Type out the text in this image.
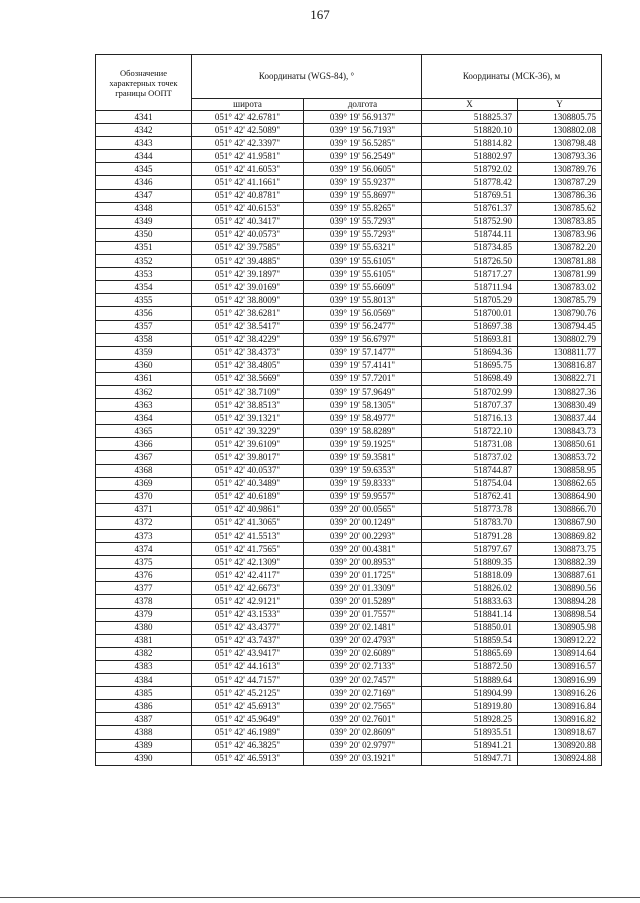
167
Обозначение характерных точек границы ООПТ	Координаты (WGS-84), °		Координаты (МСК-36), м	
	широта	долгота	X	Y
4341	051° 42' 42.6781"	039° 19' 56.9137"	518825.37	1308805.75
4342	051° 42' 42.5089"	039° 19' 56.7193"	518820.10	1308802.08
4343	051° 42' 42.3397"	039° 19' 56.5285"	518814.82	1308798.48
4344	051° 42' 41.9581"	039° 19' 56.2549"	518802.97	1308793.36
4345	051° 42' 41.6053"	039° 19' 56.0605"	518792.02	1308789.76
4346	051° 42' 41.1661"	039° 19' 55.9237"	518778.42	1308787.29
4347	051° 42' 40.8781"	039° 19' 55.8697"	518769.51	1308786.36
4348	051° 42' 40.6153"	039° 19' 55.8265"	518761.37	1308785.62
4349	051° 42' 40.3417"	039° 19' 55.7293"	518752.90	1308783.85
4350	051° 42' 40.0573"	039° 19' 55.7293"	518744.11	1308783.96
4351	051° 42' 39.7585"	039° 19' 55.6321"	518734.85	1308782.20
4352	051° 42' 39.4885"	039° 19' 55.6105"	518726.50	1308781.88
4353	051° 42' 39.1897"	039° 19' 55.6105"	518717.27	1308781.99
4354	051° 42' 39.0169"	039° 19' 55.6609"	518711.94	1308783.02
4355	051° 42' 38.8009"	039° 19' 55.8013"	518705.29	1308785.79
4356	051° 42' 38.6281"	039° 19' 56.0569"	518700.01	1308790.76
4357	051° 42' 38.5417"	039° 19' 56.2477"	518697.38	1308794.45
4358	051° 42' 38.4229"	039° 19' 56.6797"	518693.81	1308802.79
4359	051° 42' 38.4373"	039° 19' 57.1477"	518694.36	1308811.77
4360	051° 42' 38.4805"	039° 19' 57.4141"	518695.75	1308816.87
4361	051° 42' 38.5669"	039° 19' 57.7201"	518698.49	1308822.71
4362	051° 42' 38.7109"	039° 19' 57.9649"	518702.99	1308827.36
4363	051° 42' 38.8513"	039° 19' 58.1305"	518707.37	1308830.49
4364	051° 42' 39.1321"	039° 19' 58.4977"	518716.13	1308837.44
4365	051° 42' 39.3229"	039° 19' 58.8289"	518722.10	1308843.73
4366	051° 42' 39.6109"	039° 19' 59.1925"	518731.08	1308850.61
4367	051° 42' 39.8017"	039° 19' 59.3581"	518737.02	1308853.72
4368	051° 42' 40.0537"	039° 19' 59.6353"	518744.87	1308858.95
4369	051° 42' 40.3489"	039° 19' 59.8333"	518754.04	1308862.65
4370	051° 42' 40.6189"	039° 19' 59.9557"	518762.41	1308864.90
4371	051° 42' 40.9861"	039° 20' 00.0565"	518773.78	1308866.70
4372	051° 42' 41.3065"	039° 20' 00.1249"	518783.70	1308867.90
4373	051° 42' 41.5513"	039° 20' 00.2293"	518791.28	1308869.82
4374	051° 42' 41.7565"	039° 20' 00.4381"	518797.67	1308873.75
4375	051° 42' 42.1309"	039° 20' 00.8953"	518809.35	1308882.39
4376	051° 42' 42.4117"	039° 20' 01.1725"	518818.09	1308887.61
4377	051° 42' 42.6673"	039° 20' 01.3309"	518826.02	1308890.56
4378	051° 42' 42.9121"	039° 20' 01.5289"	518833.63	1308894.28
4379	051° 42' 43.1533"	039° 20' 01.7557"	518841.14	1308898.54
4380	051° 42' 43.4377"	039° 20' 02.1481"	518850.01	1308905.98
4381	051° 42' 43.7437"	039° 20' 02.4793"	518859.54	1308912.22
4382	051° 42' 43.9417"	039° 20' 02.6089"	518865.69	1308914.64
4383	051° 42' 44.1613"	039° 20' 02.7133"	518872.50	1308916.57
4384	051° 42' 44.7157"	039° 20' 02.7457"	518889.64	1308916.99
4385	051° 42' 45.2125"	039° 20' 02.7169"	518904.99	1308916.26
4386	051° 42' 45.6913"	039° 20' 02.7565"	518919.80	1308916.84
4387	051° 42' 45.9649"	039° 20' 02.7601"	518928.25	1308916.82
4388	051° 42' 46.1989"	039° 20' 02.8609"	518935.51	1308918.67
4389	051° 42' 46.3825"	039° 20' 02.9797"	518941.21	1308920.88
4390	051° 42' 46.5913"	039° 20' 03.1921"	518947.71	1308924.88
